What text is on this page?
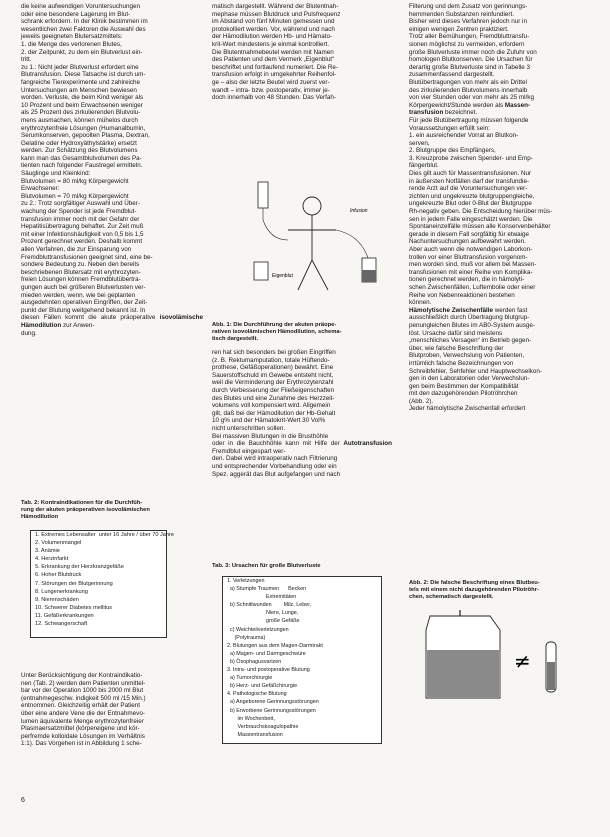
die keine aufwendigen Voruntersuchungen
oder eine besondere Lagerung im Blut-
schrank erfordern. In der Klinik bestimmen im
wesentlichen zwei Faktoren die Auswahl des
jeweils geeigneten Blutersatzmittels:
1. die Menge des verlorenen Blutes,
2. der Zeitpunkt, zu dem ein Blutverlust ein-
tritt.
zu 1.: Nicht jeder Blutverlust erfordert eine
Blutransfusion. Diese Tatsache ist durch um-
fangreiche Tierexperimente und zahlreiche
Untersuchungen am Menschen bewiesen
worden. Verluste, die beim Kind weniger als
10 Prozent und beim Erwachsenen weniger
als 25 Prozent des zirkulierenden Blutvolu-
mens ausmachen, können mühelos durch
erythrozytenfreie Lösungen (Humanalbumin,
Serumkonserven, gepoolten Plasma, Dextran,
Gelatine oder Hydroxyäthylstärke) ersetzt
werden. Zur Schätzung des Blutvolumens
kann man das Gesamtblutvolumen des Pa-
tienten nach folgender Faustregel ermitteln.
Säuglinge und Kleinkind:
Blutvolumen = 80 ml/kg Körpergewicht
Erwachsener:
Blutvolumen = 70 ml/kg Körpergewicht
zu 2.: Trotz sorgfältiger Auswahl und Über-
wachung der Spender ist jede Fremdblut-
transfusion immer noch mit der Gefahr der
Hepatitisübertragung behaftet. Zur Zeit muß
mit einer Infektionshäufigkeit von 0,5 bis 1,5
Prozent gerechnet werden. Deshalb kommt
allen Verfahren, die zur Einsparung von
Fremdbluttransfusionen geeignet sind, eine be-
sondere Bedeutung zu. Neben den bereits
beschriebenen Blutersatz mit erythrozyten-
freien Lösungen können Fremdblutübertra-
gungen auch bei größeren Blutverlusten ver-
mieden werden, wenn, wie bei geplanten
ausgedehnten operativen Eingriffen, der Zeit-
punkt der Blutung weitgehend bekannt ist. In
diesen Fällen kommt die akute präoperative isovolämische Hämodilution zur Anwen-
dung.

Tab. 2: Kontraindikationen für die Durchfüh-
rung der akuten präoperativen isovolämischen
Hämodilution
1. Extremes Lebensalter  unter 16 Jahre / über 70 Jahre
2. Volumenmangel
3. Anämie
4. Herzinfarkt
5. Erkrankung der Herzkranzgefäße
6. Hoher Blutdruck
7. Störungen der Blutgerinnung
8. Lungenerkrankung
9. Nierenschäden
10. Schwerer Diabetes mellitus
11. Gefäßerkrankungen
12. Schwangerschaft

Unter Berücksichtigung der Kontraindikatio-
nen (Tab. 2) werden dem Patienten unmittel-
bar vor der Operation 1000 bis 2000 ml Blut
(entnahmegeschw. indigkeit 500 ml /15 Min.)
entnommen. Gleichzeitig erhält der Patient
über eine andere Vene die der Entnahmevo-
lumen äquivalente Menge erythrozytenfreier
Plasmaersatzmittel (körpereigene und kör-
perfremde kolloidale Lösungen im Verhältnis
1:1). Das Vorgehen ist in Abbildung 1 sche-

matisch dargestellt. Während der Blutentnah-
mephase müssen Blutdruck und Pulsfrequenz
im Abstand von fünf Minuten gemessen und
protokolliert werden. Vor, während und nach
der Hämodilution werden Hb- und Hämato-
krit-Wert mindestens je einmal kontrolliert.
Die Blutentnahmebeutel werden mit Namen
des Patienten und dem Vermerk „Eigenblut“
beschriftet und fortlaufend numeriert. Die Re-
transfusion erfolgt in umgekehrter Reihenfol-
ge – also der letzte Beutel wird zuerst ver-
wandt – intra- bzw. postoperativ, immer je-
doch innerhalb von 48 Stunden. Das Verfah-

Eigenblut
Infusion
Abb. 1: Die Durchführung der akuten präope-
rativen isovolämischen Hämodilution, schema-
tisch dargestellt.

ren hat sich besonders bei großen Eingriffen
(z. B. Rektumamputation, totale Hüftendo-
prothese, Gefäßoperationen) bewährt. Eine
Sauerstoffschuld im Gewebe entsteht nicht,
weil die Verminderung der Erythrozytenzahl
durch Verbesserung der Fließeigenschaften
des Blutes und eine Zunahme des Herzzeit-
volumens voll kompensiert wird. Allgemein
gilt, daß bei der Hämodilution der Hb-Gehalt
10 g% und der Hämatokrit-Wert 30 Vol%
nicht unterschritten sollen.
Bei massiven Blutungen in die Brusthöhle
oder in die Bauchhöhle kann mit Hilfe der Autotransfusion Fremdblut eingespart wer-
den. Dabei wird intraoperativ nach Filtrierung
und entsprechender Vorbehandlung oder ein
Spez. aggerät das Blut aufgefangen und nach

Tab. 3: Ursachen für große Blutverluste
1. Verletzungen
a) Stumpfe Traumen      Becken
Extremitäten
b) Schnittwunden        Milz, Leber,
Niere, Lunge,
große Gefäße
c) Weichteilverletzungen
(Polytrauma)
2. Blutungen aus dem Magen-Darmtrakt
a) Magen- und Darmgeschwüre
b) Ösophagusvarizen
3. Intra- und postoperative Blutung
a) Tumorchirurgie
b) Herz- und Gefäßchirurgie
4. Pathologische Blutung
a) Angeborene Gerinnungsstörungen
b) Erworbene Gerinnungsstörungen
im Wochenbett,
Verbrauchskoagulopathie
Massentransfusion

Filterung und dem Zusatz von gerinnungs-
hemmenden Substanzen reinfundiert.
Bisher wird dieses Verfahren jedoch nur in
einigen wenigen Zentren praktiziert.
Trotz aller Bemühungen, Fremdbluttransfu-
sionen möglichst zu vermeiden, erfordern
große Blutverluste immer noch die Zufuhr von
homologen Blutkonserven. Die Ursachen für
derartig große Blutverluste sind in Tabelle 3
zusammenfassend dargestellt.
Blutübertragungen von mehr als ein Drittel
des zirkulierenden Blutvolumens innerhalb
von vier Stunden oder von mehr als 25 ml/kg
Körpergewicht/Stunde werden als Massen-
transfusion bezeichnet.
Für jede Blutübertragung müssen folgende
Voraussetzungen erfüllt sein:
1. ein ausreichender Vorrat an Blutkon-
serven,
2. Blutgruppe des Empfängers,
3. Kreuzprobe zwischen Spender- und Emp-
fängerblut.
Dies gilt auch für Massentransfusionen. Nur
in äußersten Notfällen darf der transfundie-
rende Arzt auf die Voruntersuchungen ver-
zichten und ungekreuzte blutgruppengleiche,
ungekreuzte Blut oder 0-Blut der Blutgruppe
Rh-negativ geben. Die Entscheidung hierüber müs-
sen in jedem Falle eingeschätzt werden. Die
Spontaneinzelfälle müssen alle Konservenbehälter
gerade in diesem Fall sorgfältig für etwaige
Nachuntersuchungen aufbewahrt werden.
Aber auch wenn die notwendigen Laborkon-
trollen vor einer Bluttransfusion vorgenom-
men worden sind, muß vor allem bei Massen-
transfusionen mit einer Reihe von Komplika-
tionen gerechnet werden, die in hämolyti-
schen Zwischenfällen, Luftembolie oder einer
Reihe von Nebenreaktionen bestehen
können.
Hämolytische Zwischenfälle werden fast
ausschließlich durch Übertragung blutgrup-
penungleichen Blutes im AB0-System ausge-
löst. Ursache dafür sind meistens
„menschliches Versagen“ im Betrieb gegen-
über, wie falsche Beschriftung der
Blutproben, Verwechslung von Patienten,
irrtümlich falsche Bezeichnungen von
Schreibfehler, Sehfehler und Hauptwechselkon-
gen in den Laboratorien oder Verwechslun-
gen beim Bestimmen der Kompatibilität
mit den dazugehörenden Pilotröhrchen
(Abb. 2).
Jeder hämolytische Zwischenfall erfordert

Abb. 2: Die falsche Beschriftung eines Blutbeu-
tels mit einem nicht dazugehörenden Pilotröhr-
chen, schematisch dargestellt.
≠
6
